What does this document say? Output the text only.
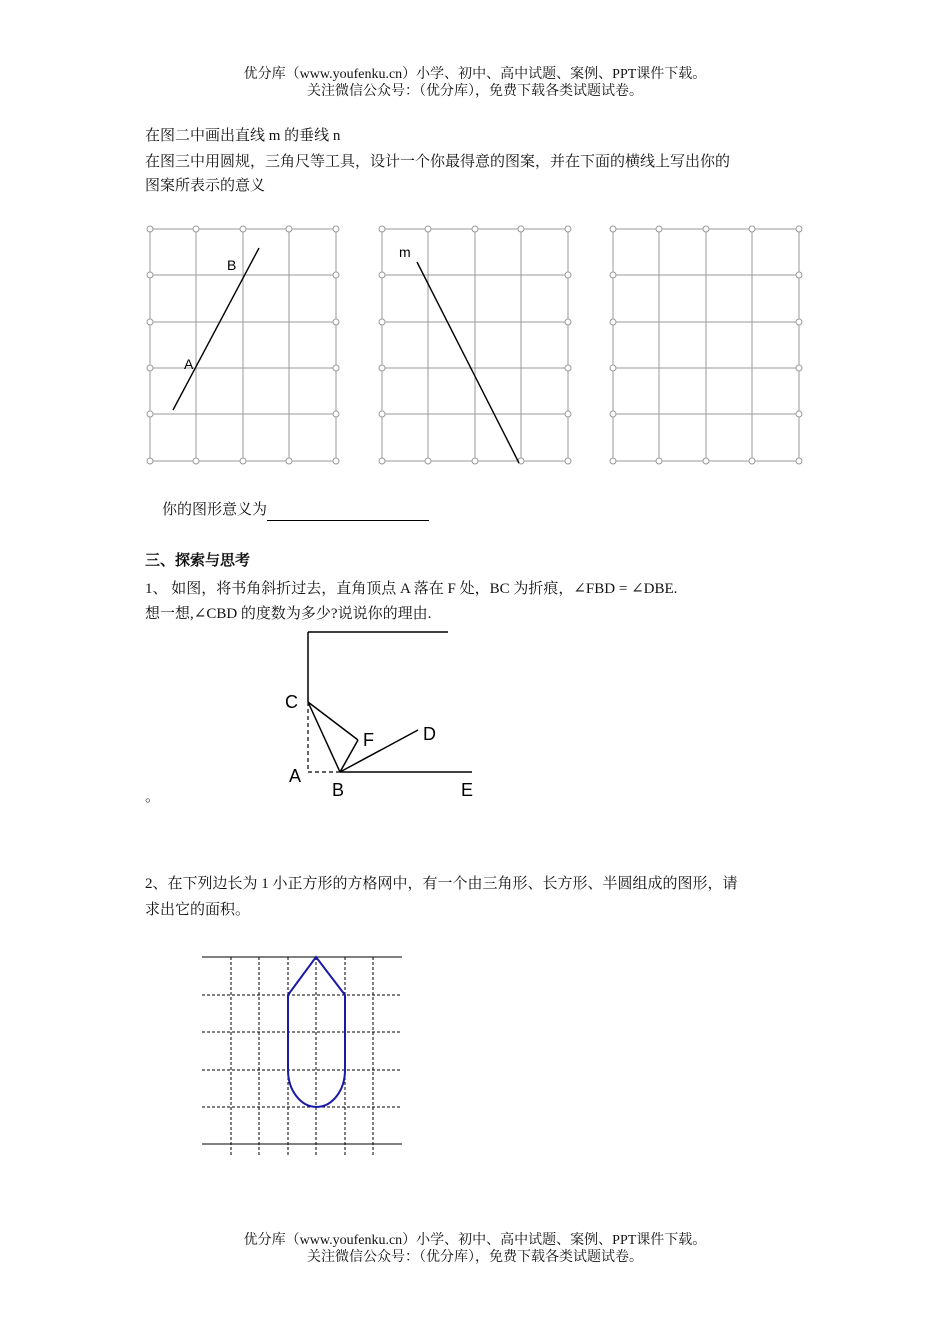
优分库（www.youfenku.cn）小学、初中、高中试题、案例、PPT课件下载。
关注微信公众号：（优分库），免费下载各类试题试卷。
在图二中画出直线 m 的垂线 n
在图三中用圆规，三角尺等工具，设计一个你最得意的图案，并在下面的横线上写出你的
图案所表示的意义
B
A
m
你的图形意义为
三、探索与思考
1、 如图，将书角斜折过去，直角顶点 A 落在 F 处，BC 为折痕，∠FBD = ∠DBE.
想一想,∠CBD 的度数为多少?说说你的理由.
C
F	D
A
B	E
。
2、在下列边长为 1 小正方形的方格网中，有一个由三角形、长方形、半圆组成的图形，请
求出它的面积。
优分库（www.youfenku.cn）小学、初中、高中试题、案例、PPT课件下载。
关注微信公众号：（优分库），免费下载各类试题试卷。
